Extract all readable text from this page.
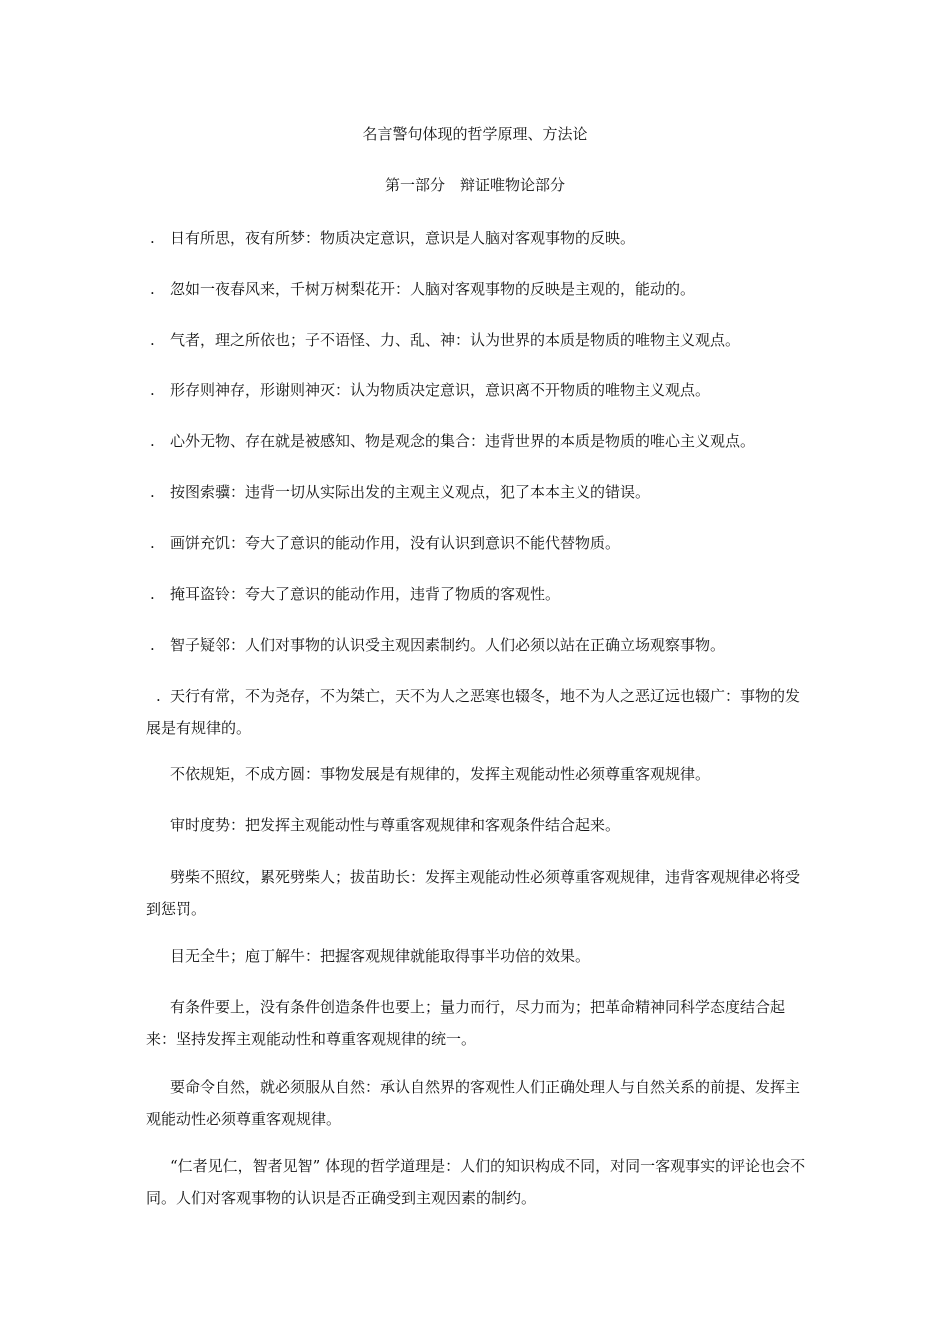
名言警句体现的哲学原理、方法论
第一部分　辩证唯物论部分

. 日有所思，夜有所梦：物质决定意识，意识是人脑对客观事物的反映。

. 忽如一夜春风来，千树万树梨花开：人脑对客观事物的反映是主观的，能动的。

. 气者，理之所依也；子不语怪、力、乱、神：认为世界的本质是物质的唯物主义观点。

. 形存则神存，形谢则神灭：认为物质决定意识，意识离不开物质的唯物主义观点。

. 心外无物、存在就是被感知、物是观念的集合：违背世界的本质是物质的唯心主义观点。

. 按图索骥：违背一切从实际出发的主观主义观点，犯了本本主义的错误。

. 画饼充饥：夸大了意识的能动作用，没有认识到意识不能代替物质。

. 掩耳盗铃：夸大了意识的能动作用，违背了物质的客观性。

. 智子疑邻：人们对事物的认识受主观因素制约。人们必须以站在正确立场观察事物。

. 天行有常，不为尧存，不为桀亡，天不为人之恶寒也辍冬，地不为人之恶辽远也辍广：事物的发展是有规律的。

不依规矩，不成方圆：事物发展是有规律的，发挥主观能动性必须尊重客观规律。

审时度势：把发挥主观能动性与尊重客观规律和客观条件结合起来。

劈柴不照纹，累死劈柴人；拔苗助长：发挥主观能动性必须尊重客观规律，违背客观规律必将受到惩罚。

目无全牛；庖丁解牛：把握客观规律就能取得事半功倍的效果。

有条件要上，没有条件创造条件也要上；量力而行，尽力而为；把革命精神同科学态度结合起来：坚持发挥主观能动性和尊重客观规律的统一。

要命令自然，就必须服从自然：承认自然界的客观性人们正确处理人与自然关系的前提、发挥主观能动性必须尊重客观规律。

“仁者见仁，智者见智” 体现的哲学道理是：人们的知识构成不同，对同一客观事实的评论也会不同。人们对客观事物的认识是否正确受到主观因素的制约。
